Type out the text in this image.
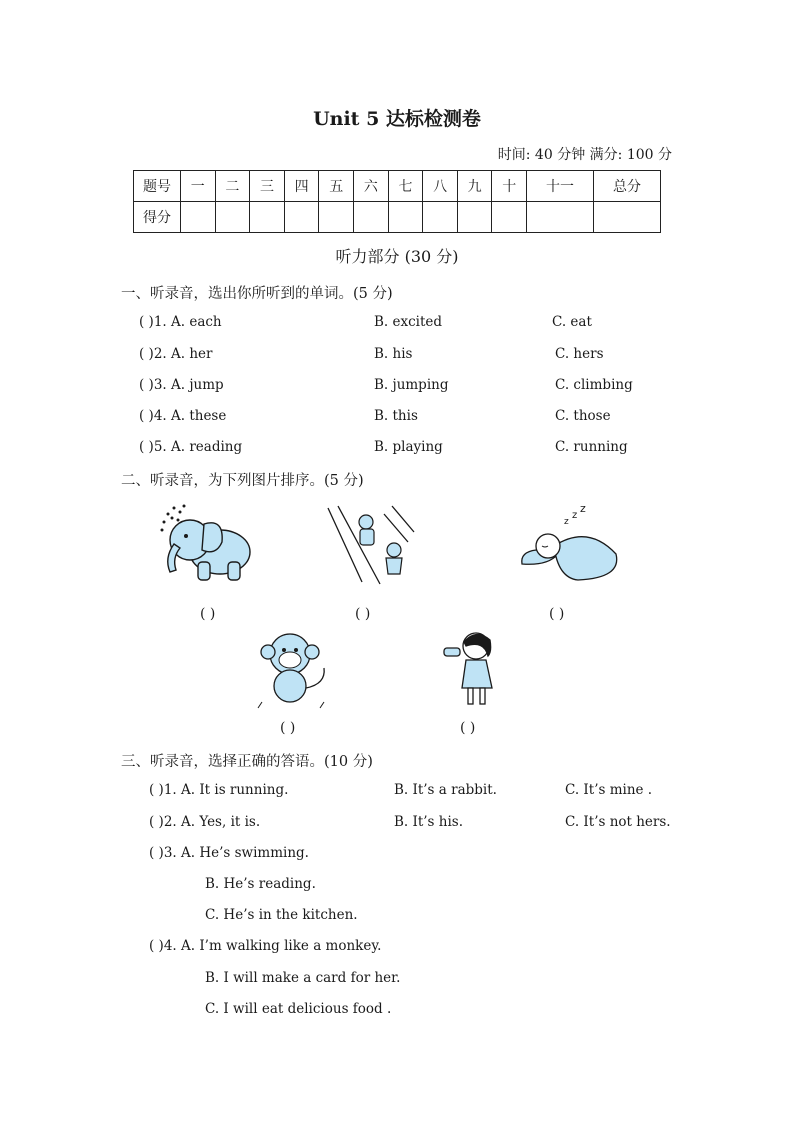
Unit 5 达标检测卷
时间: 40 分钟 满分: 100 分
题号	一	二	三	四	五	六	七	八	九	十	十一	总分
得分												
听力部分 (30 分)
一、听录音，选出你所听到的单词。(5 分)
( )1. A. each	B. excited	C. eat
( )2. A. her	B. his	C. hers
( )3. A. jump	B. jumping	C. climbing
( )4. A. these	B. this	C. those
( )5. A. reading	B. playing	C. running
二、听录音，为下列图片排序。(5 分)
( )	( )
z
z
z
( )
( )	( )
三、听录音，选择正确的答语。(10 分)
( )1. A. It is running.	B. It’s a rabbit.	C. It’s mine .
( )2. A. Yes, it is.	B. It’s his.	C. It’s not hers.
( )3. A. He’s swimming.
B. He’s reading.
C. He’s in the kitchen.
( )4. A. I’m walking like a monkey.
B. I will make a card for her.
C. I will eat delicious food .
